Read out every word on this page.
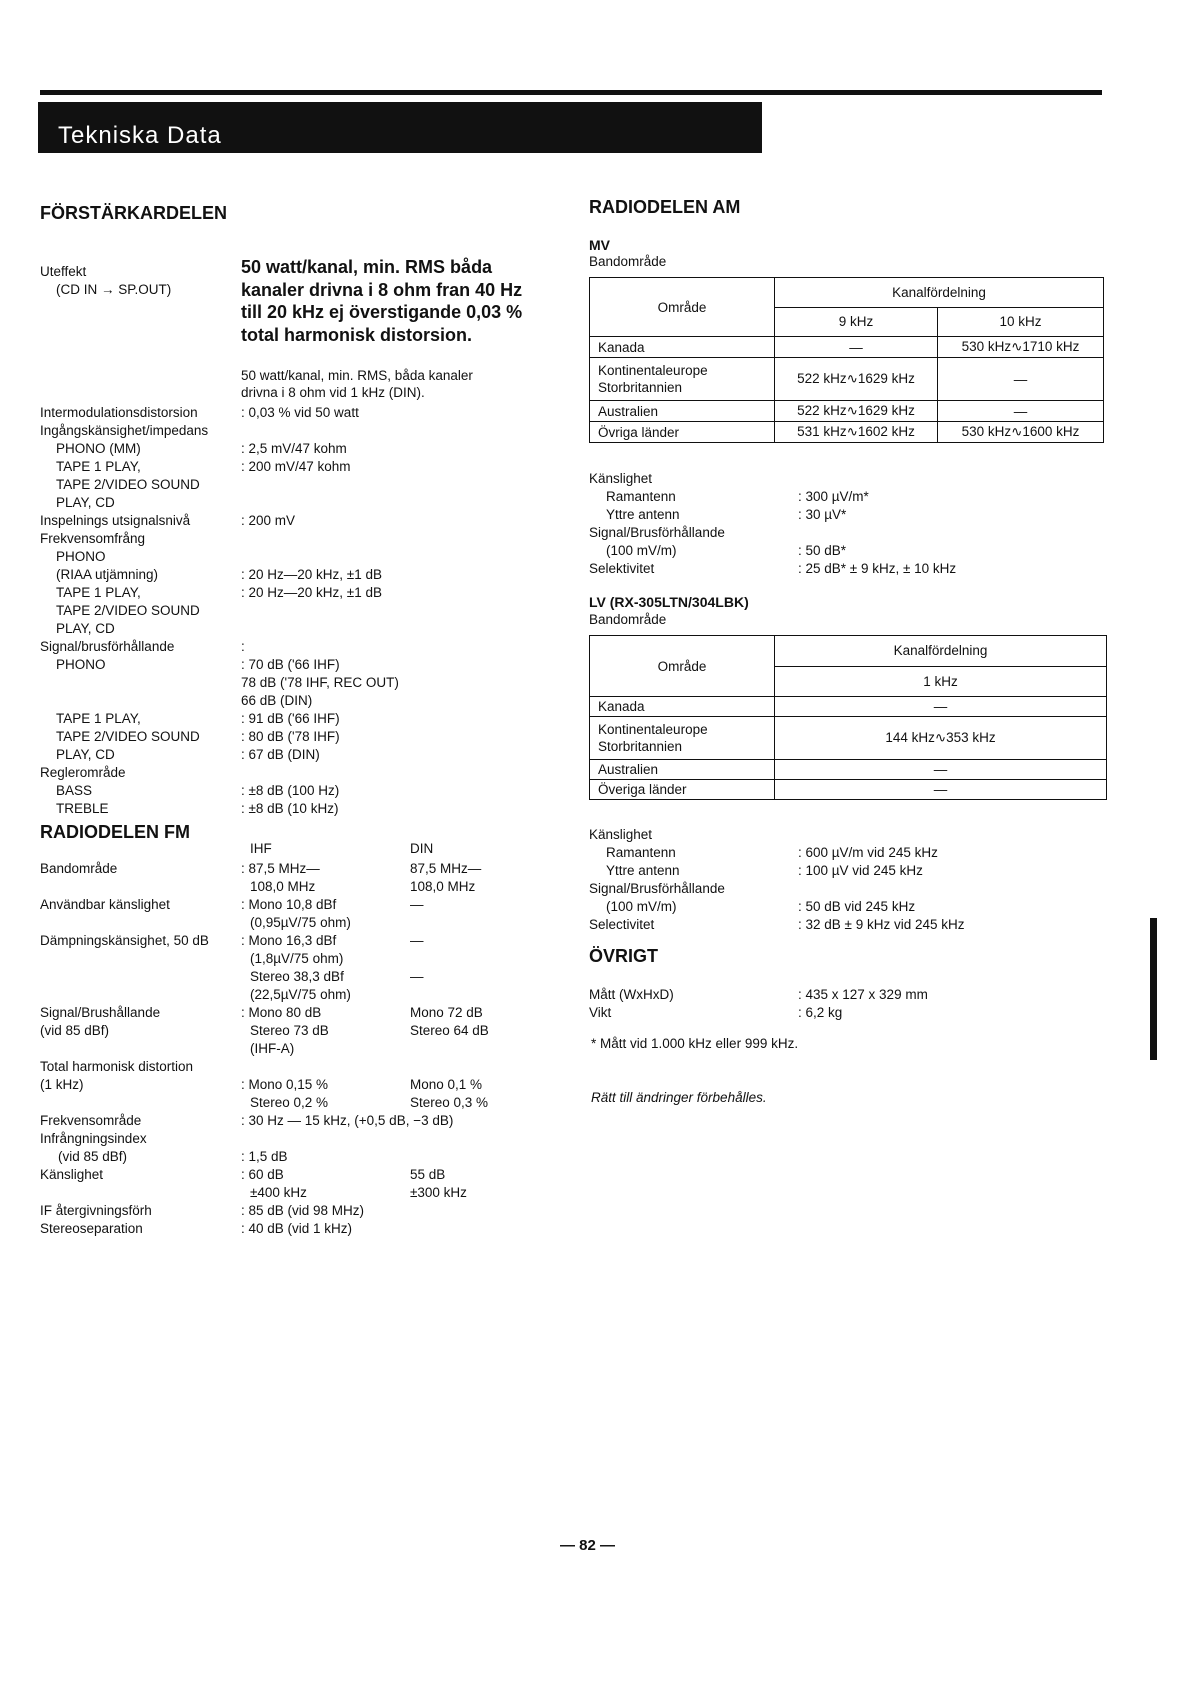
Tekniska Data
FÖRSTÄRKARDELEN
Uteffekt
(CD IN → SP.OUT)
50 watt/kanal, min. RMS båda kanaler drivna i 8 ohm fran 40 Hz till 20 kHz ej överstigande 0,03 % total harmonisk distorsion.
50 watt/kanal, min. RMS, båda kanaler
drivna i 8 ohm vid 1 kHz (DIN).
Intermodulationsdistorsion	: 0,03 % vid 50 watt
Ingångskänsighet/impedans
PHONO (MM)	: 2,5 mV/47 kohm
TAPE 1 PLAY,	: 200 mV/47 kohm
TAPE 2/VIDEO SOUND
PLAY, CD
Inspelnings utsignalsnivå	: 200 mV
Frekvensomfrång
PHONO
(RIAA utjämning)	: 20 Hz—20 kHz, ±1 dB
TAPE 1 PLAY,	: 20 Hz—20 kHz, ±1 dB
TAPE 2/VIDEO SOUND
PLAY, CD
Signal/brusförhållande	:
PHONO	: 70 dB ('66 IHF)
78 dB ('78 IHF, REC OUT)
66 dB (DIN)
TAPE 1 PLAY,	: 91 dB ('66 IHF)
TAPE 2/VIDEO SOUND	: 80 dB ('78 IHF)
PLAY, CD	: 67 dB (DIN)
Reglerområde
BASS	: ±8 dB (100 Hz)
TREBLE	: ±8 dB (10 kHz)
RADIODELEN FM
IHF	DIN
Bandområde	: 87,5 MHz—	87,5 MHz—
108,0 MHz	108,0 MHz
Användbar känslighet	: Mono 10,8 dBf	—
(0,95µV/75 ohm)
Dämpningskänsighet, 50 dB : Mono 16,3 dBf	—
(1,8µV/75 ohm)
Stereo 38,3 dBf	—
(22,5µV/75 ohm)
Signal/Brushållande	: Mono 80 dB	Mono 72 dB
(vid 85 dBf)	Stereo 73 dB	Stereo 64 dB
(IHF-A)
Total harmonisk distortion
(1 kHz)	: Mono 0,15 %	Mono 0,1 %
Stereo 0,2 %	Stereo 0,3 %
Frekvensområde	: 30 Hz — 15 kHz, (+0,5 dB, −3 dB)
Infrångningsindex
(vid 85 dBf)	: 1,5 dB
Känslighet	: 60 dB	55 dB
±400 kHz	±300 kHz
IF återgivningsförh	: 85 dB (vid 98 MHz)
Stereoseparation	: 40 dB (vid 1 kHz)
RADIODELEN AM
MV
Bandområde
Område	Kanalfördelning	
	9 kHz	10 kHz
Kanada	—	530 kHz∿1710 kHz
Kontinentaleurope
Storbritannien	522 kHz∿1629 kHz	—
Australien	522 kHz∿1629 kHz	—
Övriga länder	531 kHz∿1602 kHz	530 kHz∿1600 kHz
Känslighet
Ramantenn	: 300 µV/m*
Yttre antenn	: 30 µV*
Signal/Brusförhållande
(100 mV/m)	: 50 dB*
Selektivitet	: 25 dB* ± 9 kHz, ± 10 kHz
LV (RX-305LTN/304LBK)
Bandområde
Område	Kanalfördelning
	1 kHz
Kanada	—
Kontinentaleurope
Storbritannien	144 kHz∿353 kHz
Australien	—
Överiga länder	—
Känslighet
Ramantenn	: 600 µV/m vid 245 kHz
Yttre antenn	: 100 µV vid 245 kHz
Signal/Brusförhållande
(100 mV/m)	: 50 dB vid 245 kHz
Selectivitet	: 32 dB ± 9 kHz vid 245 kHz
ÖVRIGT
Mått (WxHxD)	: 435 x 127 x 329 mm
Vikt	: 6,2 kg
* Mått vid 1.000 kHz eller 999 kHz.
Rätt till ändringer förbehålles.
— 82 —
